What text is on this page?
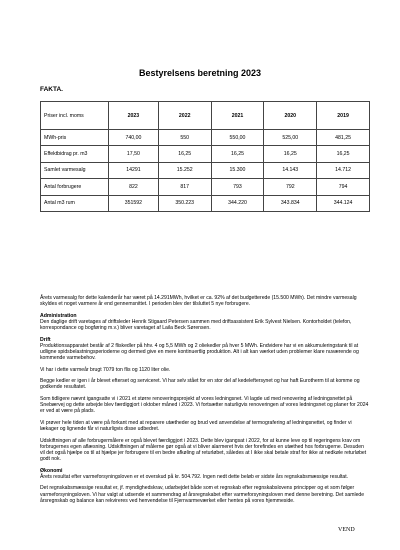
Bestyrelsens beretning 2023
FAKTA.
Priser incl. moms	2023	2022	2021	2020	2019
MWh-pris	740,00	550	550,00	525,00	481,25
Effektbidrag pr. m3	17,50	16,25	16,25	16,25	16,25
Samlet varmesalg	14291	15.252	15.300	14.143	14.712
Antal forbrugere	822	817	793	792	794
Antal m3 rum	351592	350.223	344.220	343.834	344.124

Årets varmesalg for dette kalenderår har været på 14.291MWh, hvilket er ca. 92% af det budgetterede (15.500 MWh). Det mindre varmesalg skyldes et noget varmere år end gennemsnittet. I perioden blev der tilsluttet 5 nye forbrugere.

Administration

Den daglige drift varetages af driftsleder Henrik Stigaard Petersen sammen med driftsassistent Erik Sylvest Nielsen. Kontorholdet (telefon, korrespondance og bogføring m.v.) bliver varetaget af Laila Beck Sørensen.

Drift

Produktionsapparatet består af 2 fliskedler på hhv. 4 og 5,5 MWh og 2 oliekedler på hver 5 MWh. Endvidere har vi en akkumuleringstank til at udligne spidsbelastningsperioderne og dermed give en mere kontinuertlig produktion. Alt i alt kan værket uden problemer klare nuværende og kommende varmebehov.

Vi har i dette varmeår brugt 7079 ton flis og 1120 liter olie.

Begge kedler er igen i år blevet efterset og serviceret. Vi har selv stået for en stor del af kedeleftersynet og har haft Eurotherm til at komme og godkende resultatet.

Som tidligere nævnt igangsatte vi i 2021 et større renoveringsprojekt af vores ledningsnet. Vi lagde ud med renovering af ledningsnettet på Snebærvej og dette arbejde blev færdiggjort i oktober måned i 2023. Vi fortsætter naturligvis renoveringen af vores ledningsnet og planer for 2024 er ved at være på plads.

Vi prøver hele tiden at være på forkant med at reparere utætheder og brud ved anvendelse af termografering af ledningsnettet, og finder vi lækager og lignende får vi naturligvis disse udbedret.

Udskiftningen af alle forbrugermålere er også blevet færdiggjort i 2023. Dette blev igangsat i 2022, for at kunne leve op til regeringens krav om forbrugernes egen aflæsning. Udskiftningen af målerne gør også at vi bliver alarmeret hvis der forefindes en utæthed hos forbrugerne. Desuden vil det også hjælpe os til at hjælpe jer forbrugere til en bedre afkøling af returløbet, således at I ikke skal betale straf for ikke at nedkøle returløbet godt nok.

Økonomi

Årets resultat efter varmeforsyningsloven er et overskud på kr. 504.792. Ingen nedt dette beløb er sidste års regnskabsmæssige resultat.

Det regnskabsmæssige resultat er, jf. myndighedskrav, udarbejdet både som et regnskab efter regnskabslovens principper og et som følger varmeforsyningsloven. Vi har valgt at udsende et sammendrag af årsregnskabet efter varmeforsyningsloven med denne beretning. Det samlede årsregnskab og balance kan rekvireres ved henvendelse til Fjernvarmeværket eller hentes på vores hjemmeside.

VEND
